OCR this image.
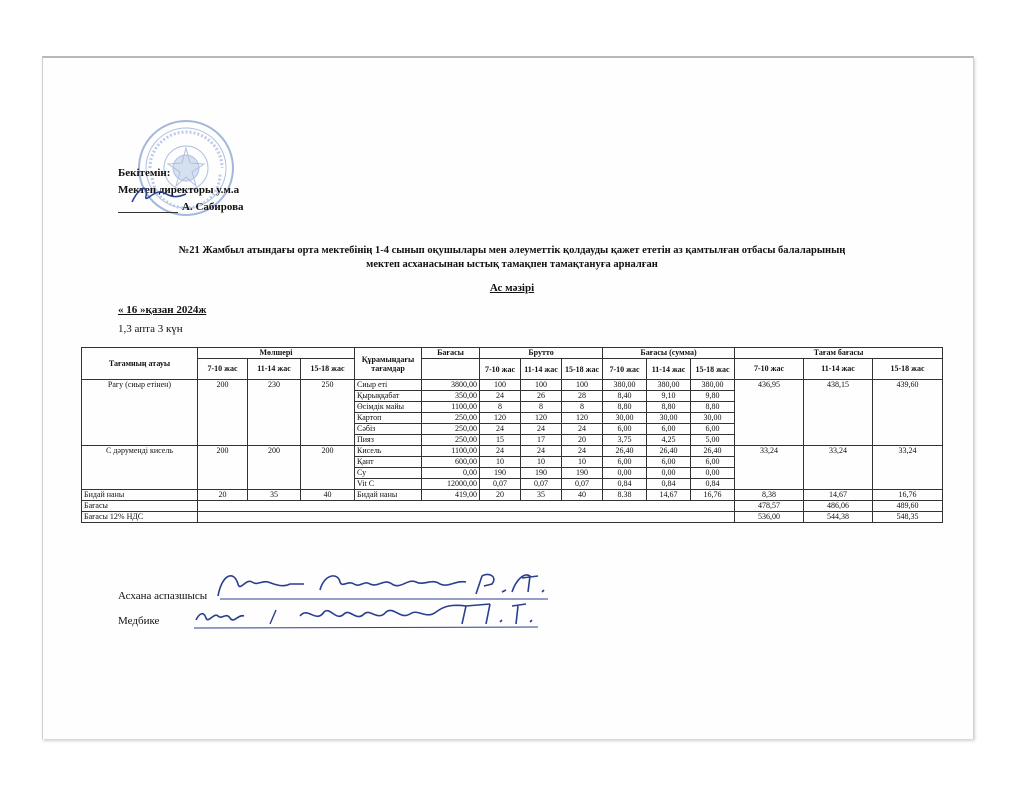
Бекітемін:
Мектеп директоры у.м.а
А. Сабирова
№21 Жамбыл атындағы орта мектебінің 1-4 сынып оқушылары мен әлеуметтік қолдауды қажет ететін аз қамтылған отбасы балаларының
мектеп асханасынан ыстық тамақпен тамақтануға арналған
Ас мәзірі
« 16 »қазан 2024ж
1,3 апта 3 күн
Тағамның атауы	Мөлшері			Құрамындағы тағамдар	Бағасы	Брутто			Бағасы (сумма)			Тағам бағасы		
	7-10 жас	11-14 жас	15-18 жас			7-10 жас	11-14 жас	15-18 жас	7-10 жас	11-14 жас	15-18 жас	7-10 жас	11-14 жас	15-18 жас
Рагу (сиыр етінен)	200	230	250	Сиыр еті	3800,00	100	100	100	380,00	380,00	380,00	436,95	438,15	439,60
				Қырыққабат	350,00	24	26	28	8,40	9,10	9,80			
				Өсімдік майы	1100,00	8	8	8	8,80	8,80	8,80			
				Картоп	250,00	120	120	120	30,00	30,00	30,00			
				Сәбіз	250,00	24	24	24	6,00	6,00	6,00			
				Пияз	250,00	15	17	20	3,75	4,25	5,00			
С дәруменді кисель	200	200	200	Кисель	1100,00	24	24	24	26,40	26,40	26,40	33,24	33,24	33,24
				Қант	600,00	10	10	10	6,00	6,00	6,00			
				Су	0,00	190	190	190	0,00	0,00	0,00			
				Vit C	12000,00	0,07	0,07	0,07	0,84	0,84	0,84			
Бидай наны	20	35	40	Бидай наны	419,00	20	35	40	8.38	14,67	16,76	8,38	14,67	16,76
Бағасы												478,57	486,06	489,60
Бағасы 12% НДС												536,00	544,38	548,35
Асхана аспазшысы
Медбике
